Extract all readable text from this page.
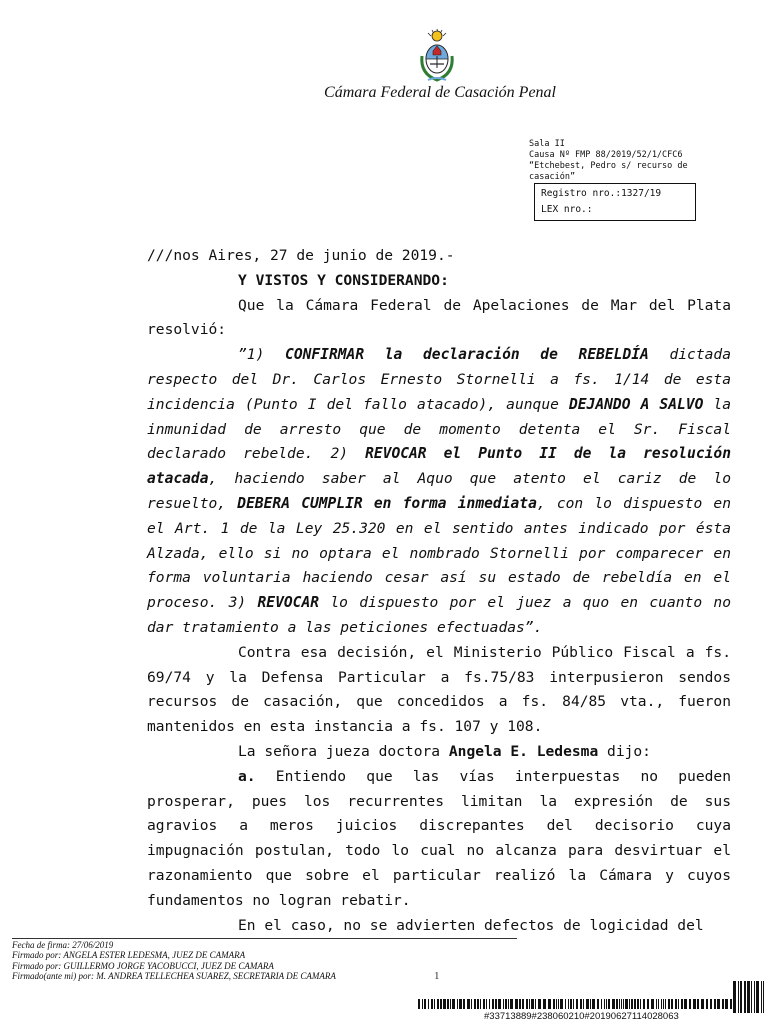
Cámara Federal de Casación Penal
Sala II
Causa Nº FMP 88/2019/52/1/CFC6
“Etchebest, Pedro s/ recurso de casación”
Registro nro.:1327/19
LEX nro.:

///nos Aires, 27 de junio de 2019.-

Y VISTOS Y CONSIDERANDO:

Que la Cámara Federal de Apelaciones de Mar del Plata resolvió:

”1) CONFIRMAR la declaración de REBELDÍA dictada respecto del Dr. Carlos Ernesto Stornelli a fs. 1/14 de esta incidencia (Punto I del fallo atacado), aunque DEJANDO A SALVO la inmunidad de arresto que de momento detenta el Sr. Fiscal declarado rebelde. 2) REVOCAR el Punto II de la resolución atacada, haciendo saber al Aquo que atento el cariz de lo resuelto, DEBERA CUMPLIR en forma inmediata, con lo dispuesto en el Art. 1 de la Ley 25.320 en el sentido antes indicado por ésta Alzada, ello si no optara el nombrado Stornelli por comparecer en forma voluntaria haciendo cesar así su estado de rebeldía en el proceso. 3) REVOCAR lo dispuesto por el juez a quo en cuanto no dar tratamiento a las peticiones efectuadas”.

Contra esa decisión, el Ministerio Público Fiscal a fs. 69/74 y la Defensa Particular a fs.75/83 interpusieron sendos recursos de casación, que concedidos a fs. 84/85 vta., fueron mantenidos en esta instancia a fs. 107 y 108.

La señora jueza doctora Angela E. Ledesma dijo:

a. Entiendo que las vías interpuestas no pueden prosperar, pues los recurrentes limitan la expresión de sus agravios a meros juicios discrepantes del decisorio cuya impugnación postulan, todo lo cual no alcanza para desvirtuar el razonamiento que sobre el particular realizó la Cámara y cuyos fundamentos no logran rebatir.

En el caso, no se advierten defectos de logicidad del

Fecha de firma: 27/06/2019
Firmado por: ANGELA ESTER LEDESMA, JUEZ DE CAMARA
Firmado por: GUILLERMO JORGE YACOBUCCI, JUEZ DE CAMARA
Firmado(ante mi) por: M. ANDREA TELLECHEA SUAREZ, SECRETARIA DE CAMARA	1
#33713889#238060210#20190627114028063
